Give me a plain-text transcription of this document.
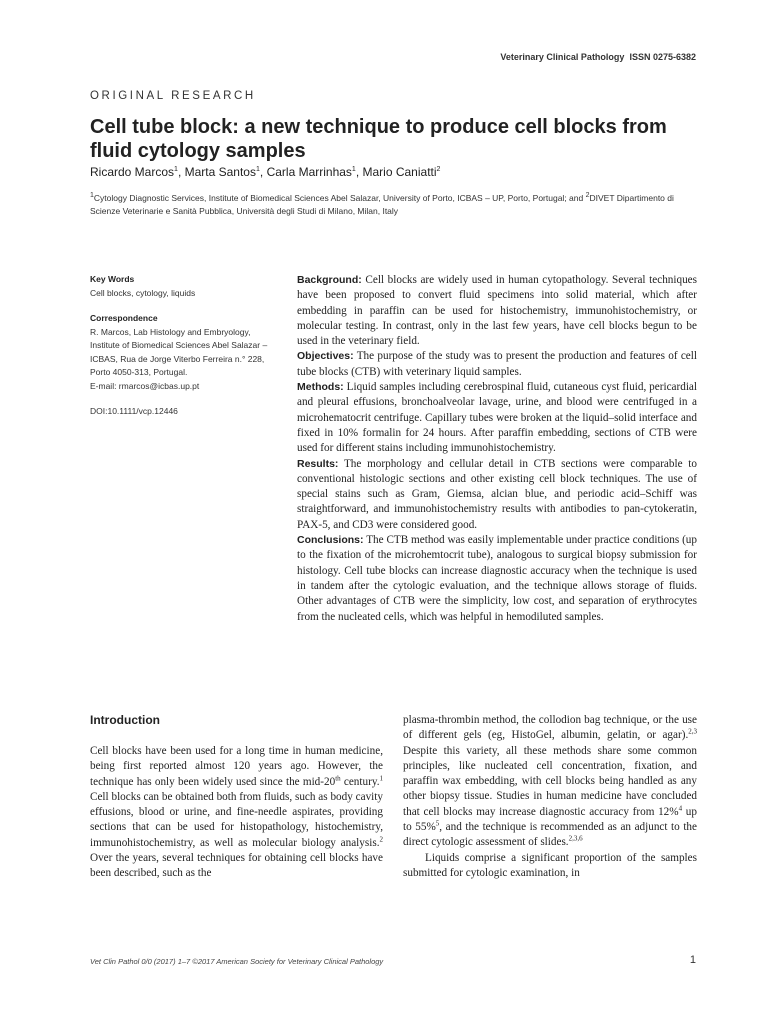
Veterinary Clinical Pathology ISSN 0275-6382
ORIGINAL RESEARCH
Cell tube block: a new technique to produce cell blocks from fluid cytology samples
Ricardo Marcos$^1$, Marta Santos$^1$, Carla Marrinhas$^1$, Mario Caniatti$^2$
$^1$Cytology Diagnostic Services, Institute of Biomedical Sciences Abel Salazar, University of Porto, ICBAS – UP, Porto, Portugal; and $^2$DIVET Dipartimento di Scienze Veterinarie e Sanità Pubblica, Università degli Studi di Milano, Milan, Italy
Key Words
Cell blocks, cytology, liquids
Correspondence
R. Marcos, Lab Histology and Embryology,
Institute of Biomedical Sciences Abel Salazar –
ICBAS, Rua de Jorge Viterbo Ferreira n.° 228,
Porto 4050-313, Portugal.
E-mail: rmarcos@icbas.up.pt
DOI:10.1111/vcp.12446

Background: Cell blocks are widely used in human cytopathology. Several techniques have been proposed to convert fluid specimens into solid material, which after embedding in paraffin can be used for histochemistry, immunohistochemistry, or molecular testing. In contrast, only in the last few years, have cell blocks begun to be used in the veterinary field.

Objectives: The purpose of the study was to present the production and features of cell tube blocks (CTB) with veterinary liquid samples.

Methods: Liquid samples including cerebrospinal fluid, cutaneous cyst fluid, pericardial and pleural effusions, bronchoalveolar lavage, urine, and blood were centrifuged in a microhematocrit centrifuge. Capillary tubes were broken at the liquid–solid interface and fixed in 10% formalin for 24 hours. After paraffin embedding, sections of CTB were used for different stains including immunohistochemistry.

Results: The morphology and cellular detail in CTB sections were comparable to conventional histologic sections and other existing cell block techniques. The use of special stains such as Gram, Giemsa, alcian blue, and periodic acid–Schiff was straightforward, and immunohistochemistry results with antibodies to pan-cytokeratin, PAX-5, and CD3 were considered good.

Conclusions: The CTB method was easily implementable under practice conditions (up to the fixation of the microhemtocrit tube), analogous to surgical biopsy submission for histology. Cell tube blocks can increase diagnostic accuracy when the technique is used in tandem after the cytologic evaluation, and the technique allows storage of fluids. Other advantages of CTB were the simplicity, low cost, and separation of erythrocytes from the nucleated cells, which was helpful in hemodiluted samples.

Introduction

Cell blocks have been used for a long time in human medicine, being first reported almost 120 years ago. However, the technique has only been widely used since the mid-20th century.$^1$ Cell blocks can be obtained both from fluids, such as body cavity effusions, blood or urine, and fine-needle aspirates, providing sections that can be used for histopathology, histochemistry, immunohistochemistry, as well as molecular biology analysis.$^2$ Over the years, several techniques for obtaining cell blocks have been described, such as the

plasma-thrombin method, the collodion bag technique, or the use of different gels (eg, HistoGel, albumin, gelatin, or agar).$^{2,3}$ Despite this variety, all these methods share some common principles, like nucleated cell concentration, fixation, and paraffin wax embedding, with cell blocks being handled as any other biopsy tissue. Studies in human medicine have concluded that cell blocks may increase diagnostic accuracy from 12%$^4$ up to 55%$^5$, and the technique is recommended as an adjunct to the direct cytologic assessment of slides.$^{2,3,6}$

Liquids comprise a significant proportion of the samples submitted for cytologic examination, in

Vet Clin Pathol 0/0 (2017) 1–7 ©2017 American Society for Veterinary Clinical Pathology	1
